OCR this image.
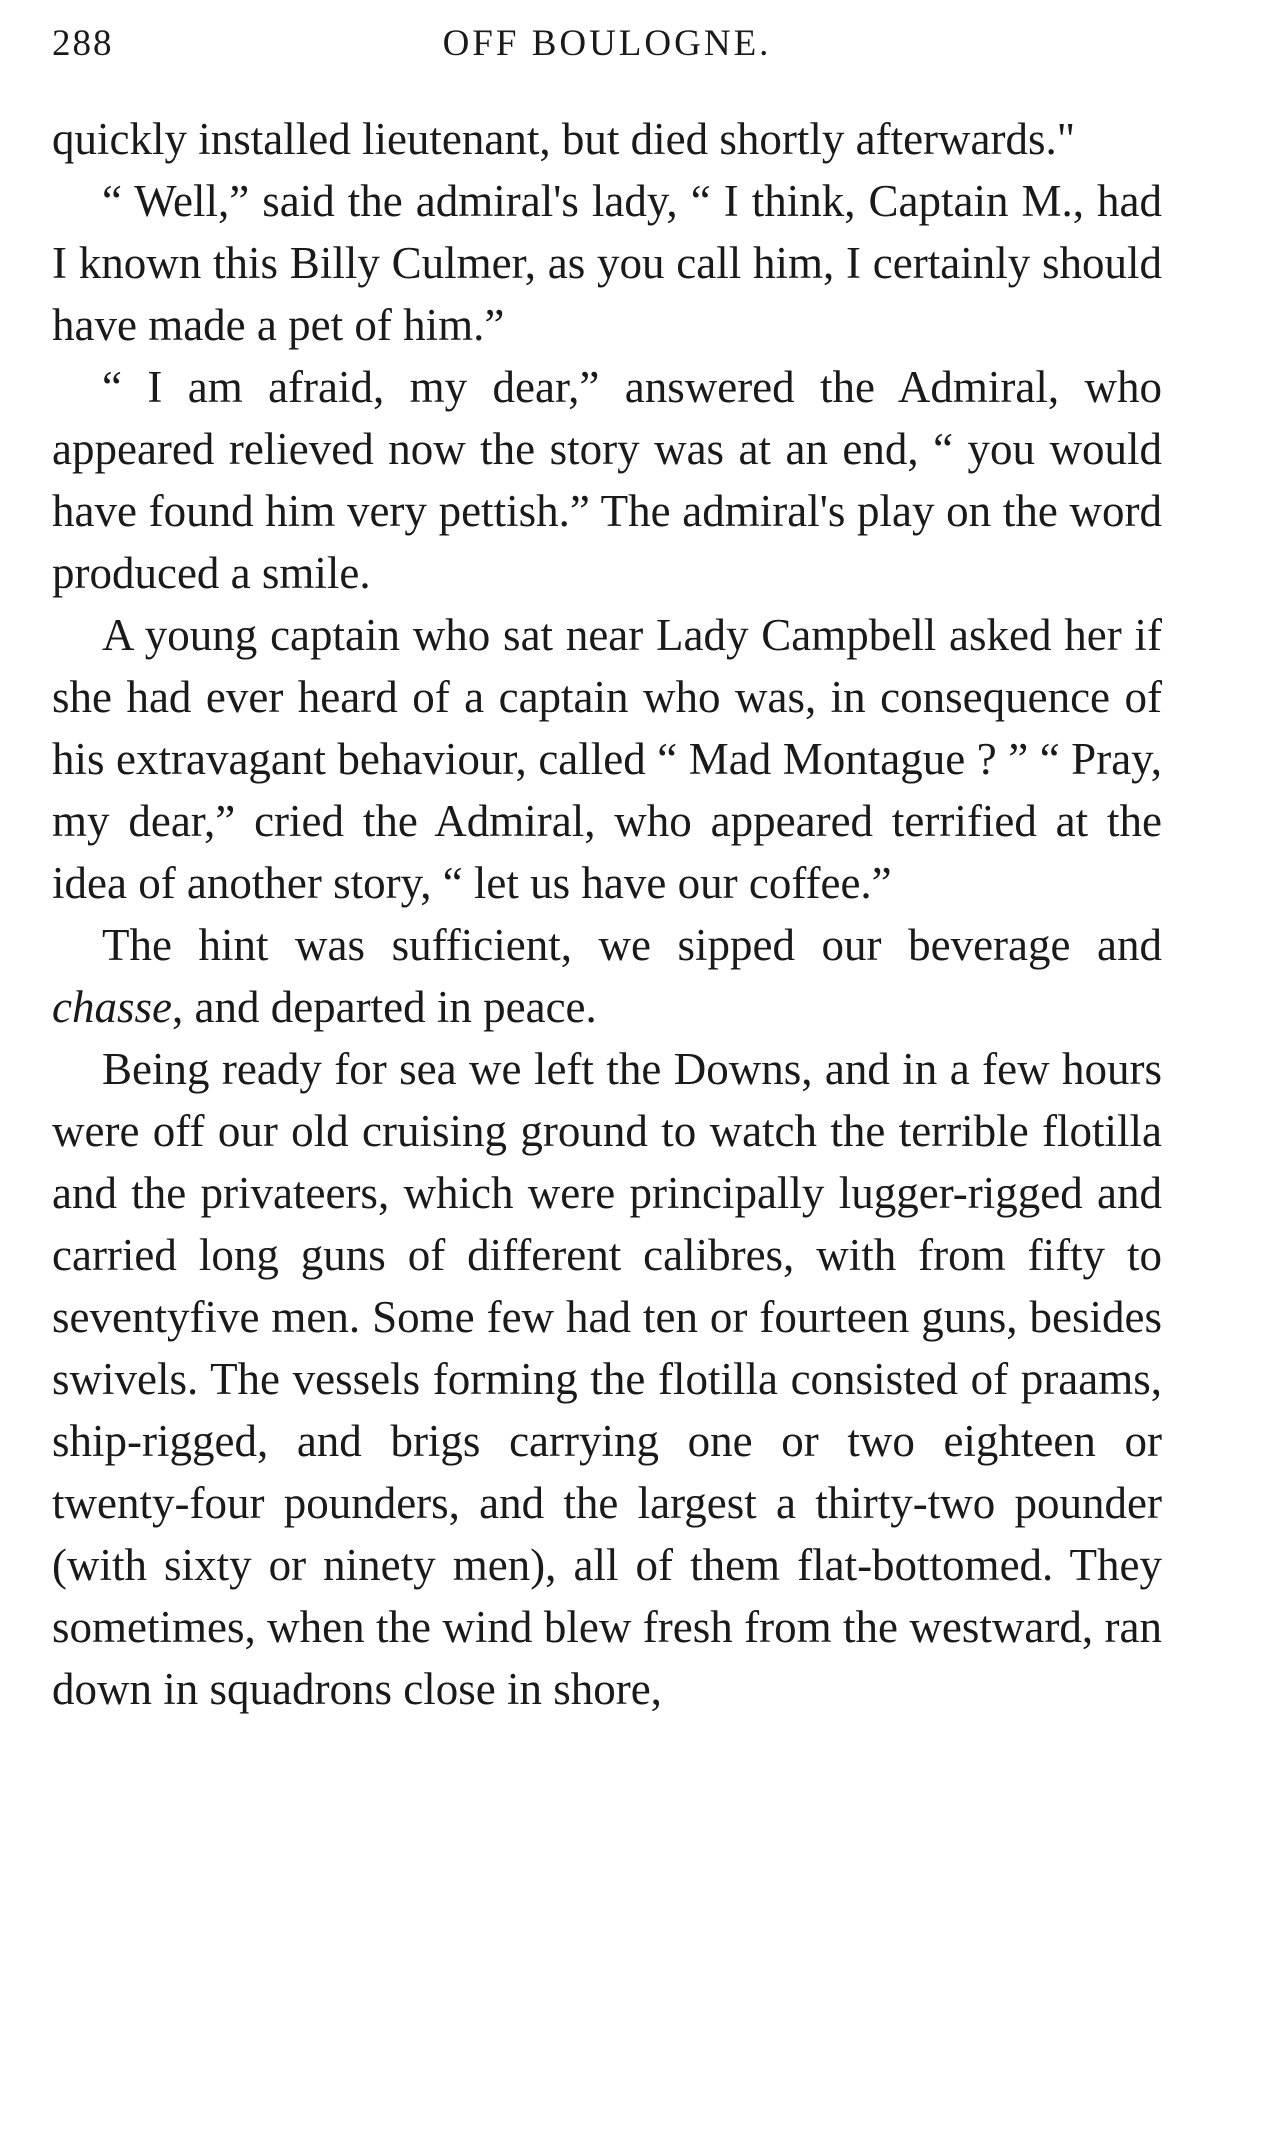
288	OFF BOULOGNE.

quickly installed lieutenant, but died shortly afterwards."

“ Well,” said the admiral's lady, “ I think, Captain M., had I known this Billy Culmer, as you call him, I certainly should have made a pet of him.”

“ I am afraid, my dear,” answered the Admiral, who appeared relieved now the story was at an end, “ you would have found him very pettish.” The admiral's play on the word produced a smile.

A young captain who sat near Lady Campbell asked her if she had ever heard of a captain who was, in consequence of his extravagant behaviour, called “ Mad Montague ? ” “ Pray, my dear,” cried the Admiral, who appeared terrified at the idea of another story, “ let us have our coffee.”

The hint was sufficient, we sipped our beverage and chasse, and departed in peace.

Being ready for sea we left the Downs, and in a few hours were off our old cruising ground to watch the terrible flotilla and the privateers, which were principally lugger-rigged and carried long guns of different calibres, with from fifty to seventyfive men. Some few had ten or fourteen guns, besides swivels. The vessels forming the flotilla consisted of praams, ship-rigged, and brigs carrying one or two eighteen or twenty-four pounders, and the largest a thirty-two pounder (with sixty or ninety men), all of them flat-bottomed. They sometimes, when the wind blew fresh from the westward, ran down in squadrons close in shore,
